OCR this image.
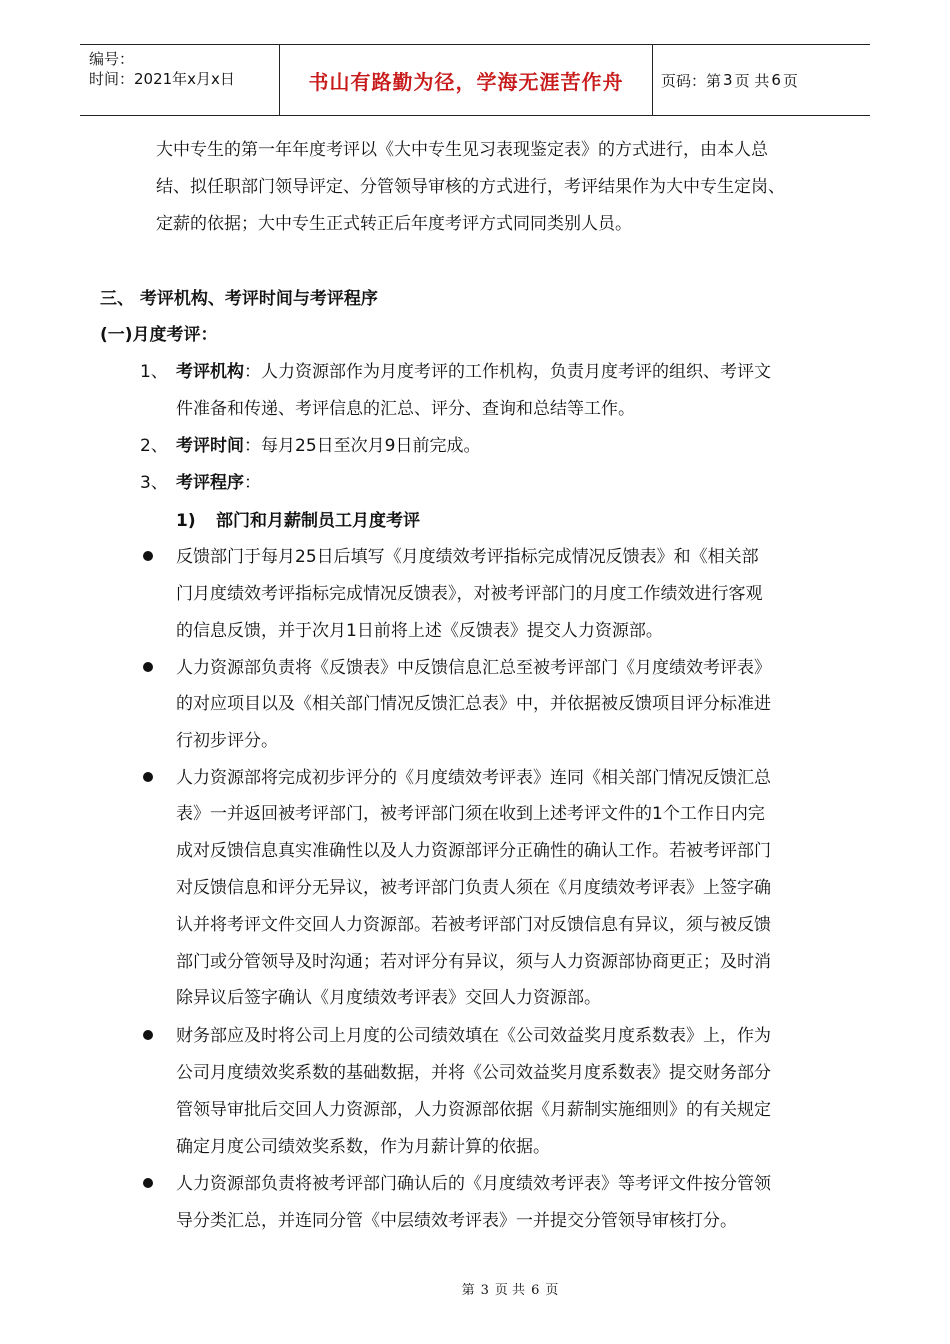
编号：
时间：2021年x月x日	书山有路勤为径，学海无涯苦作舟	页码：第 3 页 共 6 页
大中专生的第一年年度考评以《大中专生见习表现鉴定表》的方式进行，由本人总
结、拟任职部门领导评定、分管领导审核的方式进行，考评结果作为大中专生定岗、
定薪的依据；大中专生正式转正后年度考评方式同同类别人员。
三、 考评机构、考评时间与考评程序
(一)月度考评：
1、 考评机构：人力资源部作为月度考评的工作机构，负责月度考评的组织、考评文
件准备和传递、考评信息的汇总、评分、查询和总结等工作。
2、 考评时间：每月25日至次月9日前完成。
3、 考评程序：
1) 部门和月薪制员工月度考评
反馈部门于每月25日后填写《月度绩效考评指标完成情况反馈表》和《相关部
门月度绩效考评指标完成情况反馈表》，对被考评部门的月度工作绩效进行客观
的信息反馈，并于次月1日前将上述《反馈表》提交人力资源部。
人力资源部负责将《反馈表》中反馈信息汇总至被考评部门《月度绩效考评表》
的对应项目以及《相关部门情况反馈汇总表》中，并依据被反馈项目评分标准进
行初步评分。
人力资源部将完成初步评分的《月度绩效考评表》连同《相关部门情况反馈汇总
表》一并返回被考评部门，被考评部门须在收到上述考评文件的1个工作日内完
成对反馈信息真实准确性以及人力资源部评分正确性的确认工作。若被考评部门
对反馈信息和评分无异议，被考评部门负责人须在《月度绩效考评表》上签字确
认并将考评文件交回人力资源部。若被考评部门对反馈信息有异议，须与被反馈
部门或分管领导及时沟通；若对评分有异议，须与人力资源部协商更正；及时消
除异议后签字确认《月度绩效考评表》交回人力资源部。
财务部应及时将公司上月度的公司绩效填在《公司效益奖月度系数表》上，作为
公司月度绩效奖系数的基础数据，并将《公司效益奖月度系数表》提交财务部分
管领导审批后交回人力资源部，人力资源部依据《月薪制实施细则》的有关规定
确定月度公司绩效奖系数，作为月薪计算的依据。
人力资源部负责将被考评部门确认后的《月度绩效考评表》等考评文件按分管领
导分类汇总，并连同分管《中层绩效考评表》一并提交分管领导审核打分。
第 3 页 共 6 页
